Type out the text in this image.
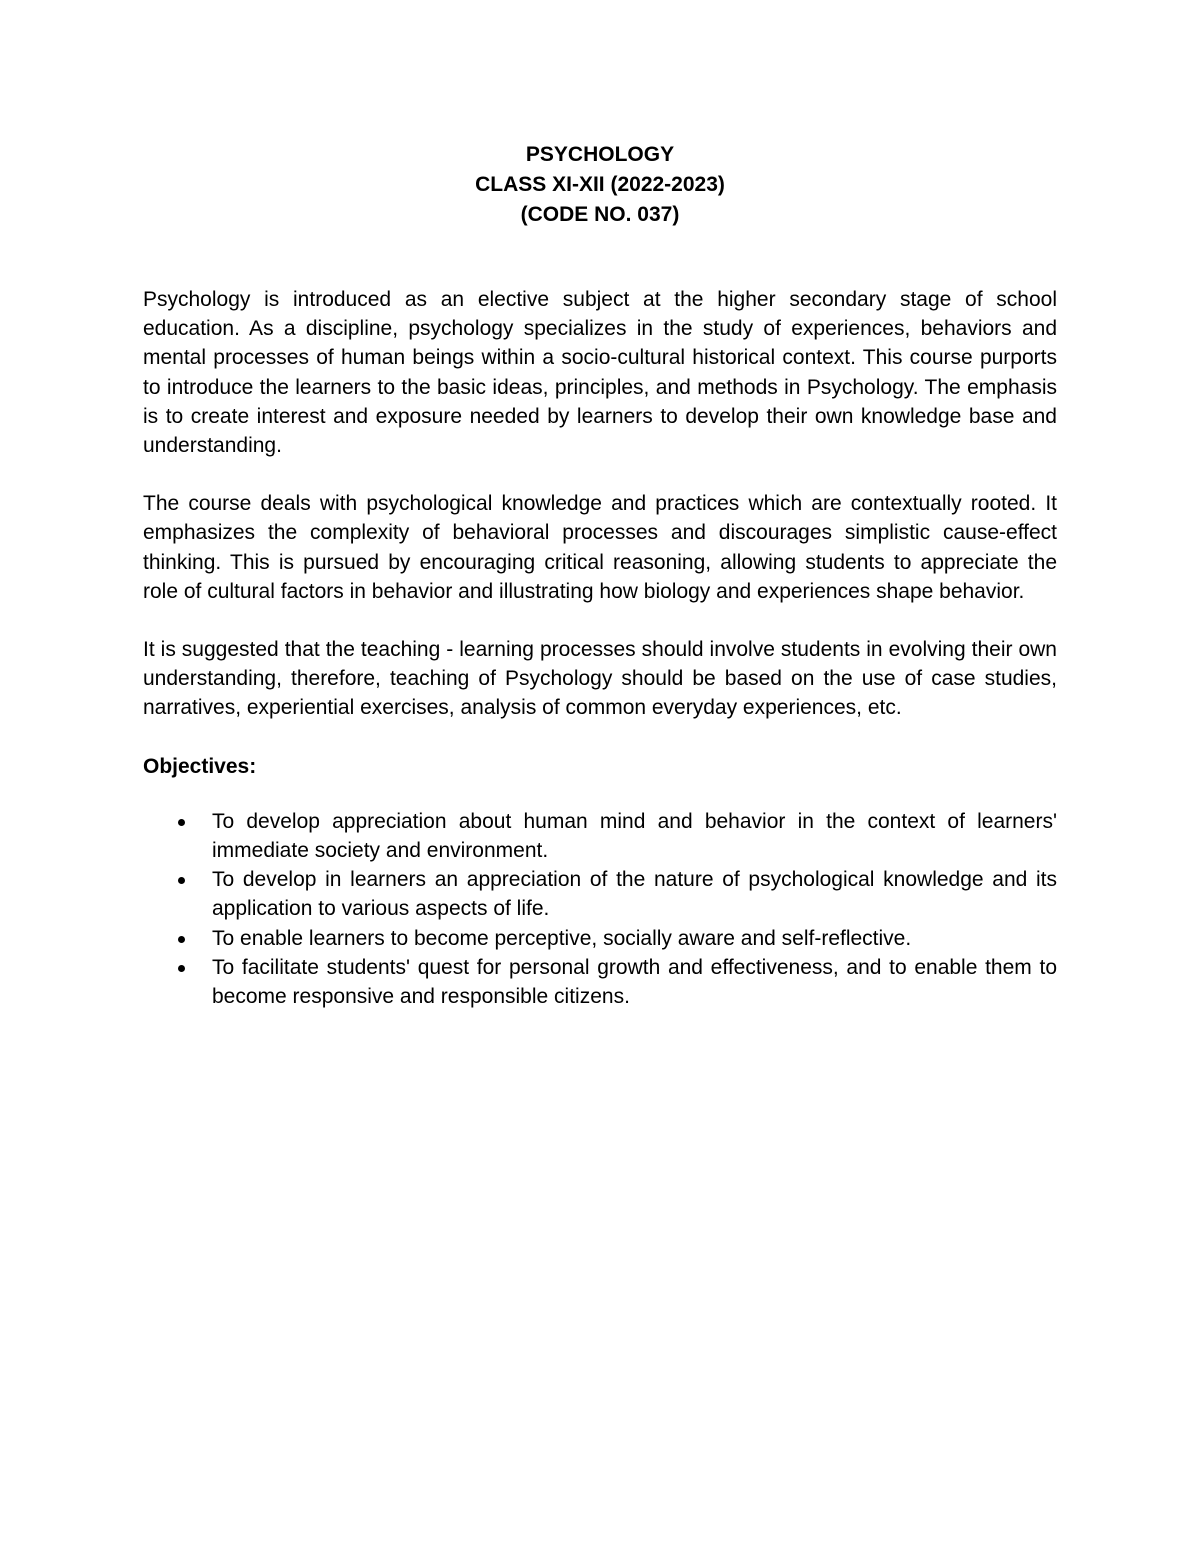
PSYCHOLOGY
CLASS XI-XII (2022-2023)
(CODE NO. 037)

Psychology is introduced as an elective subject at the higher secondary stage of school education. As a discipline, psychology specializes in the study of experiences, behaviors and mental processes of human beings within a socio-cultural historical context. This course purports to introduce the learners to the basic ideas, principles, and methods in Psychology. The emphasis is to create interest and exposure needed by learners to develop their own knowledge base and understanding.

The course deals with psychological knowledge and practices which are contextually rooted. It emphasizes the complexity of behavioral processes and discourages simplistic cause-effect thinking. This is pursued by encouraging critical reasoning, allowing students to appreciate the role of cultural factors in behavior and illustrating how biology and experiences shape behavior.

It is suggested that the teaching - learning processes should involve students in evolving their own understanding, therefore, teaching of Psychology should be based on the use of case studies, narratives, experiential exercises, analysis of common everyday experiences, etc.

Objectives:

To develop appreciation about human mind and behavior in the context of learners' immediate society and environment.
To develop in learners an appreciation of the nature of psychological knowledge and its application to various aspects of life.
To enable learners to become perceptive, socially aware and self-reflective.
To facilitate students' quest for personal growth and effectiveness, and to enable them to become responsive and responsible citizens.
